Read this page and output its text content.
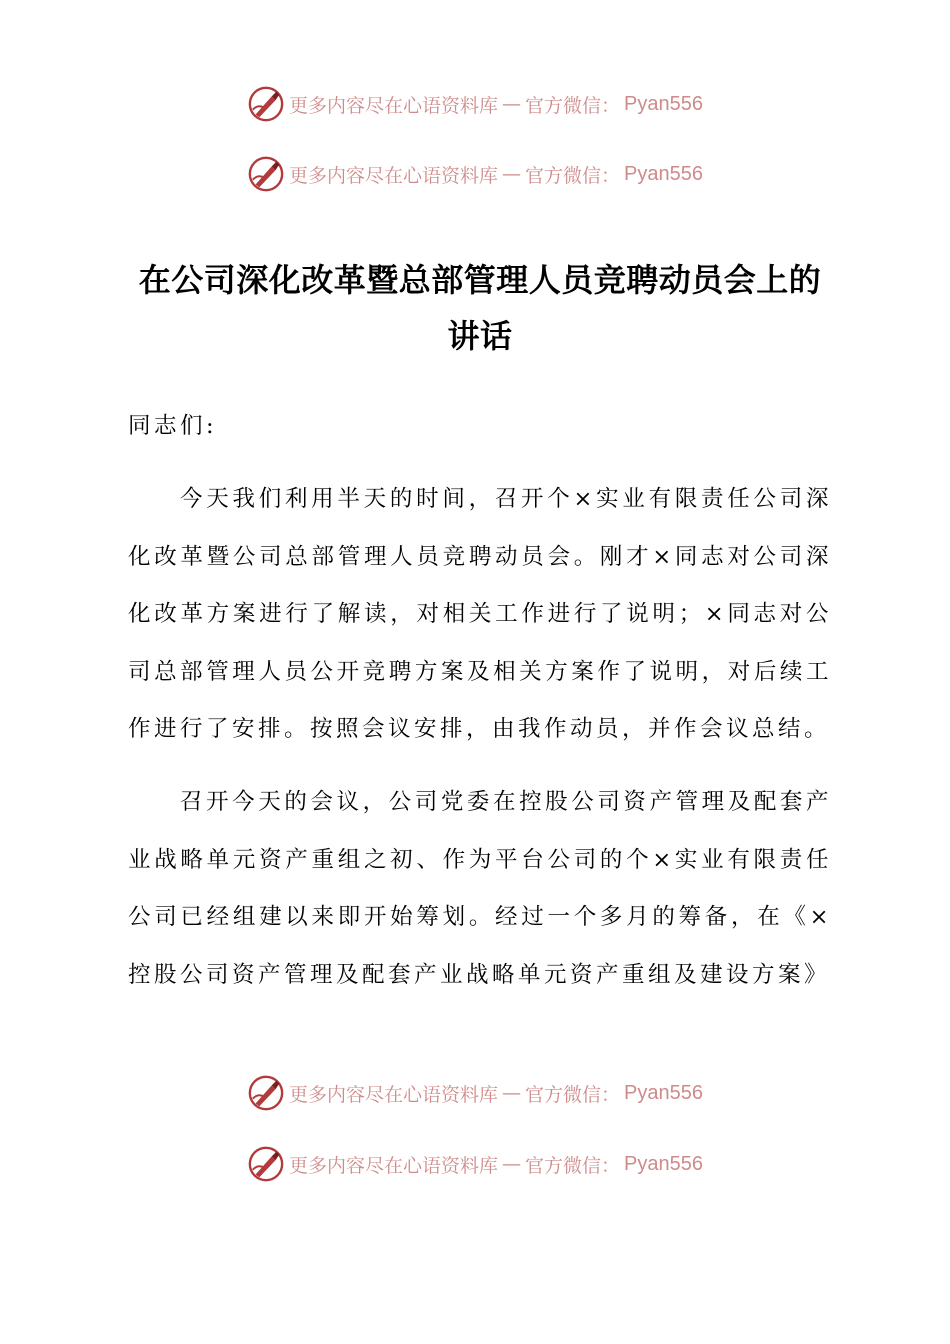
更多内容尽在心语资料库 — 官方微信： Pyan556
更多内容尽在心语资料库 — 官方微信： Pyan556
在公司深化改革暨总部管理人员竞聘动员会上的讲话
同志们:
今天我们利用半天的时间，召开个×实业有限责任公司深化改革暨公司总部管理人员竞聘动员会。刚才×同志对公司深化改革方案进行了解读，对相关工作进行了说明；×同志对公司总部管理人员公开竞聘方案及相关方案作了说明，对后续工作进行了安排。按照会议安排，由我作动员，并作会议总结。
召开今天的会议，公司党委在控股公司资产管理及配套产业战略单元资产重组之初、作为平台公司的个×实业有限责任公司已经组建以来即开始筹划。经过一个多月的筹备，在《×控股公司资产管理及配套产业战略单元资产重组及建设方案》
更多内容尽在心语资料库 — 官方微信： Pyan556
更多内容尽在心语资料库 — 官方微信： Pyan556
